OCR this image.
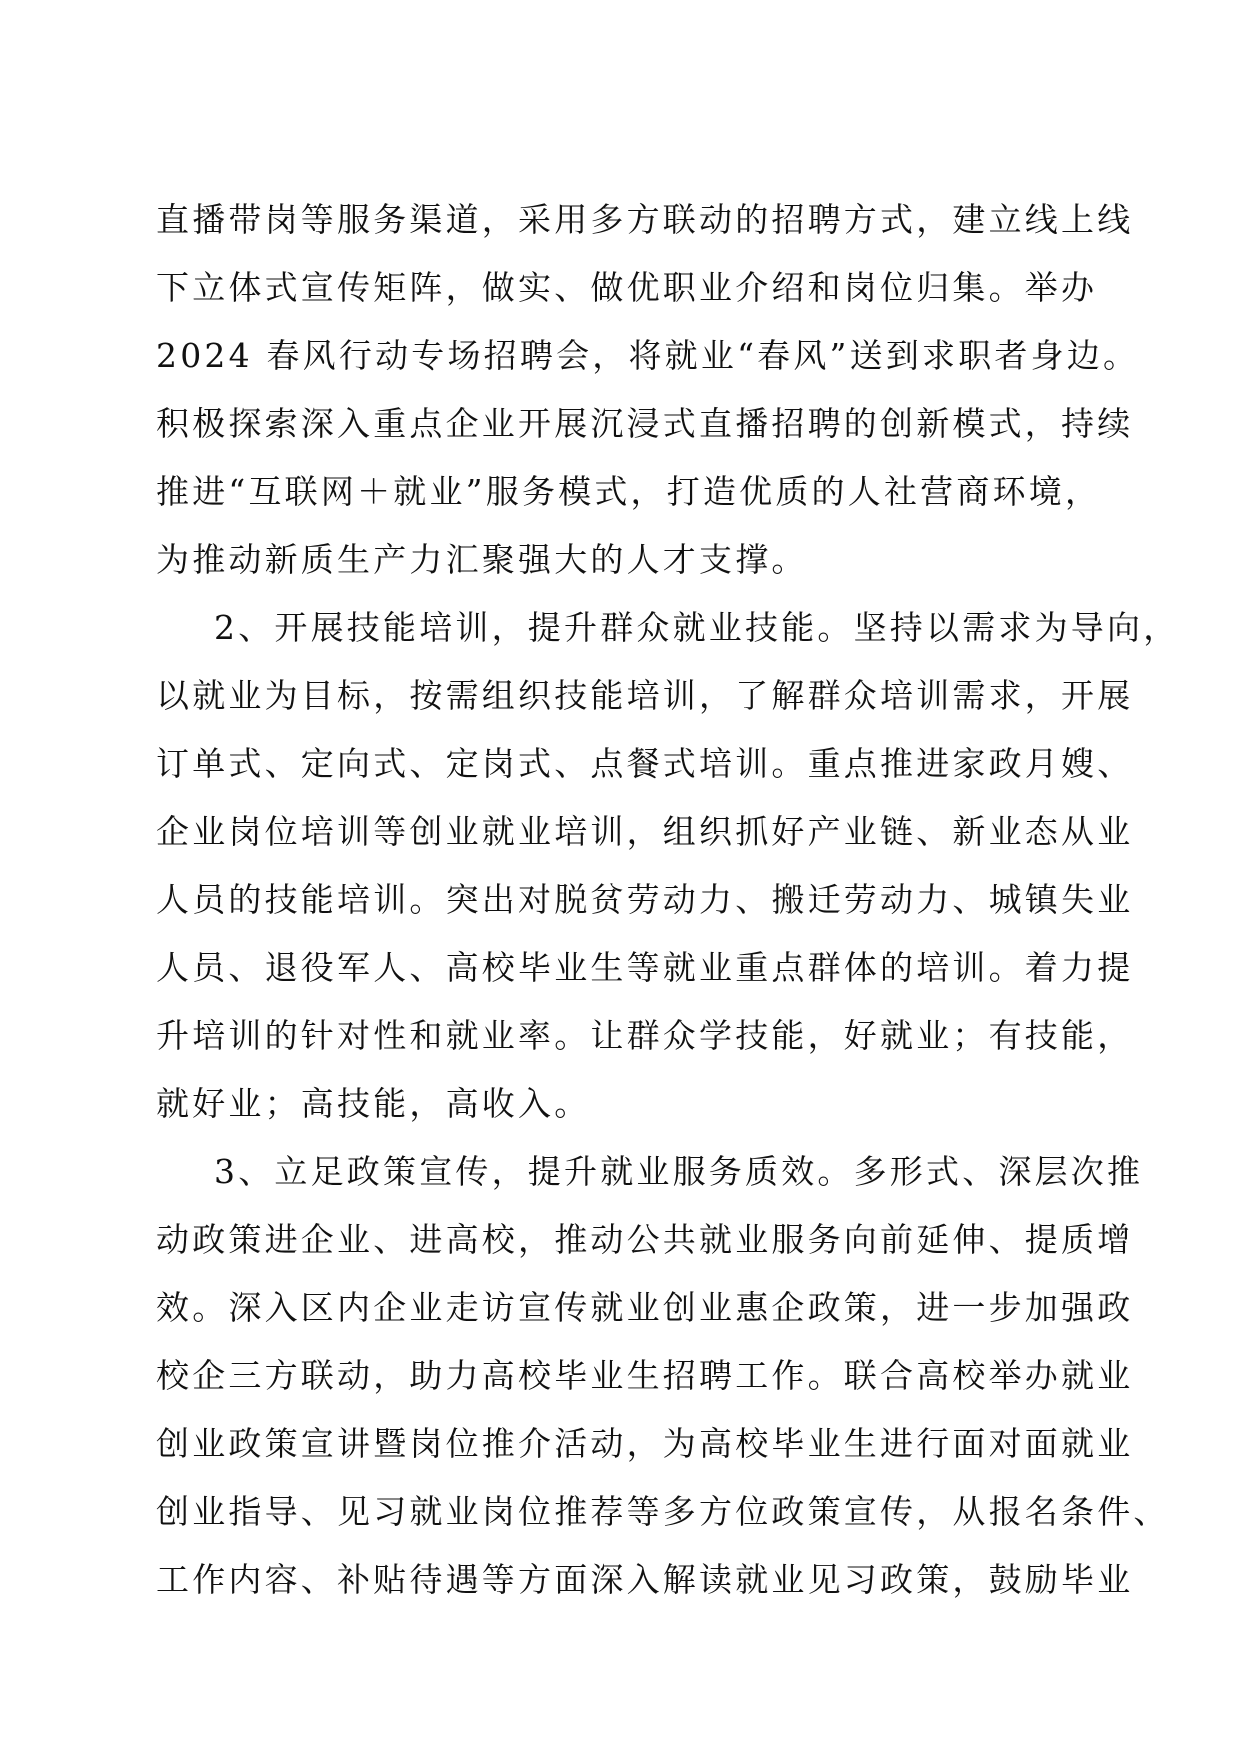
直播带岗等服务渠道，采用多方联动的招聘方式，建立线上线
下立体式宣传矩阵，做实、做优职业介绍和岗位归集。举办
2024 春风行动专场招聘会，将就业“春风”送到求职者身边。
积极探索深入重点企业开展沉浸式直播招聘的创新模式，持续
推进“互联网＋就业”服务模式，打造优质的人社营商环境，
为推动新质生产力汇聚强大的人才支撑。
2、开展技能培训，提升群众就业技能。坚持以需求为导向，
以就业为目标，按需组织技能培训，了解群众培训需求，开展
订单式、定向式、定岗式、点餐式培训。重点推进家政月嫂、
企业岗位培训等创业就业培训，组织抓好产业链、新业态从业
人员的技能培训。突出对脱贫劳动力、搬迁劳动力、城镇失业
人员、退役军人、高校毕业生等就业重点群体的培训。着力提
升培训的针对性和就业率。让群众学技能，好就业；有技能，
就好业；高技能，高收入。
3、立足政策宣传，提升就业服务质效。多形式、深层次推
动政策进企业、进高校，推动公共就业服务向前延伸、提质增
效。深入区内企业走访宣传就业创业惠企政策，进一步加强政
校企三方联动，助力高校毕业生招聘工作。联合高校举办就业
创业政策宣讲暨岗位推介活动，为高校毕业生进行面对面就业
创业指导、见习就业岗位推荐等多方位政策宣传，从报名条件、
工作内容、补贴待遇等方面深入解读就业见习政策，鼓励毕业
